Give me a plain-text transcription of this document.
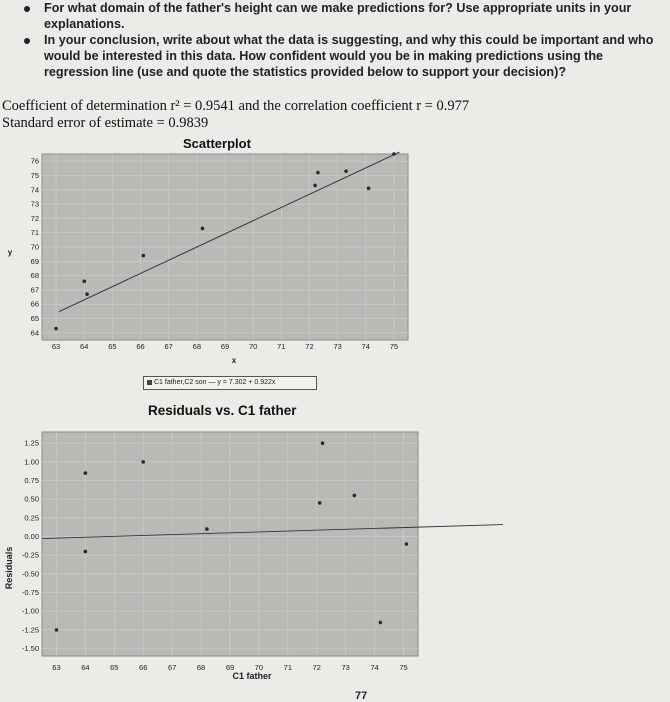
For what domain of the father's height can we make predictions for? Use appropriate units in your explanations.
In your conclusion, write about what the data is suggesting, and why this could be important and who would be interested in this data. How confident would you be in making predictions using the regression line (use and quote the statistics provided below to support your decision)?
Coefficient of determination r² = 0.9541 and the correlation coefficient r = 0.977
Standard error of estimate = 0.9839
Scatterplot
63	64	65	66	67	68	69	70	71	72	73	74	75
64
65
66
67
68
69
70
71
72
73
74
75
76
x
y
C1 father,C2 son — y = 7.302 + 0.922x
Residuals vs. C1 father
63	64	65	66	67	68	69	70	71	72	73	74	75
1.25
1.00
0.75
0.50
0.25
0.00
-0.25
-0.50
-0.75
-1.00
-1.25
-1.50
C1 father
Residuals
77
